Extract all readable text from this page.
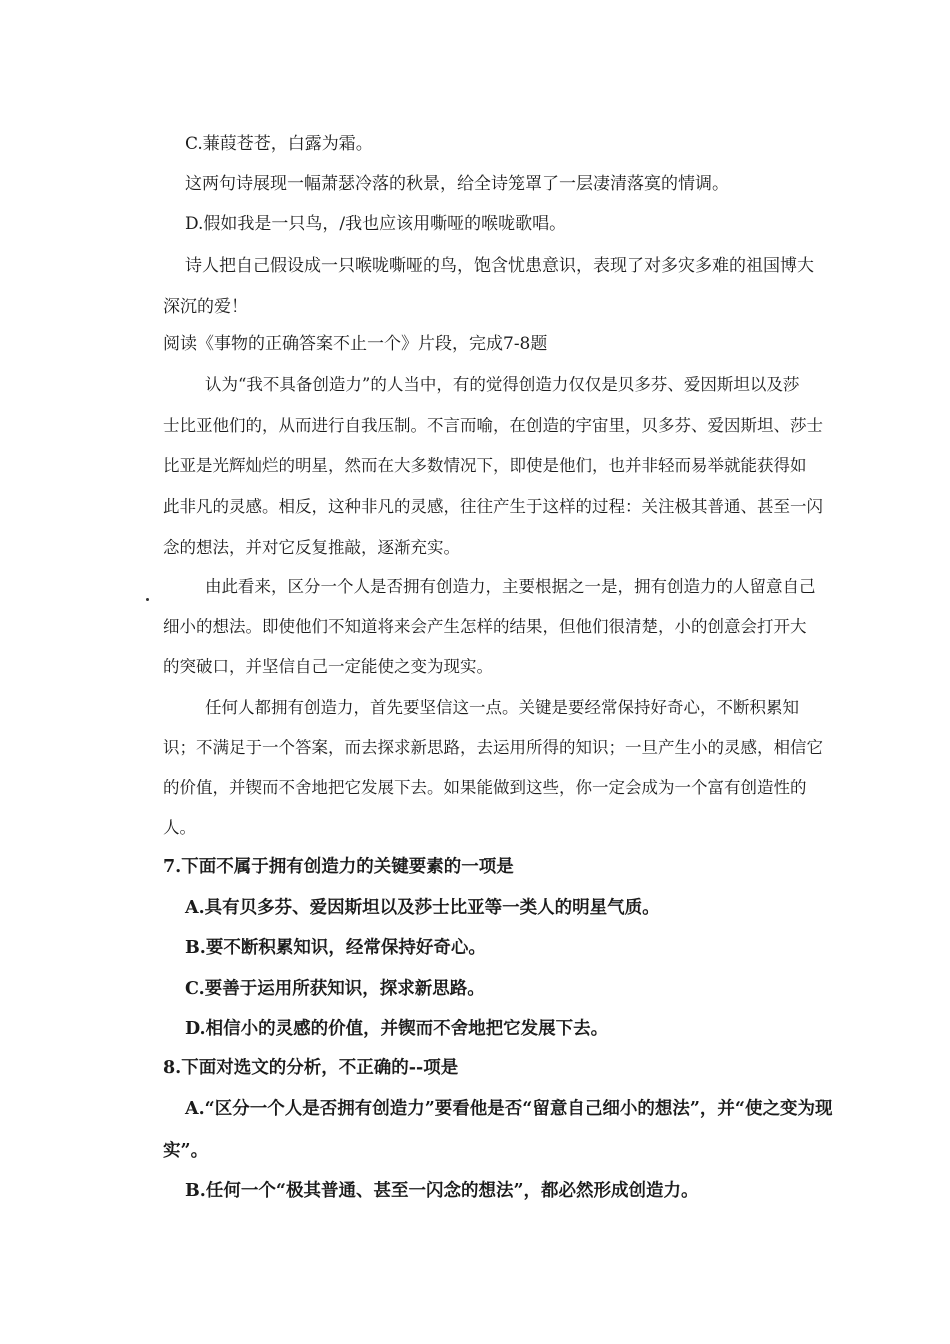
C.蒹葭苍苍，白露为霜。
这两句诗展现一幅萧瑟冷落的秋景，给全诗笼罩了一层凄清落寞的情调。
D.假如我是一只鸟，/我也应该用嘶哑的喉咙歌唱。
诗人把自己假设成一只喉咙嘶哑的鸟，饱含忧患意识，表现了对多灾多难的祖国博大
深沉的爱！
阅读《事物的正确答案不止一个》片段，完成7-8题
认为“我不具备创造力”的人当中，有的觉得创造力仅仅是贝多芬、爱因斯坦以及莎
士比亚他们的，从而进行自我压制。不言而喻，在创造的宇宙里，贝多芬、爱因斯坦、莎士
比亚是光辉灿烂的明星，然而在大多数情况下，即使是他们，也并非轻而易举就能获得如
此非凡的灵感。相反，这种非凡的灵感，往往产生于这样的过程：关注极其普通、甚至一闪
念的想法，并对它反复推敲，逐渐充实。
由此看来，区分一个人是否拥有创造力，主要根据之一是，拥有创造力的人留意自己
细小的想法。即使他们不知道将来会产生怎样的结果，但他们很清楚，小的创意会打开大
的突破口，并坚信自己一定能使之变为现实。
任何人都拥有创造力，首先要坚信这一点。关键是要经常保持好奇心，不断积累知
识；不满足于一个答案，而去探求新思路，去运用所得的知识；一旦产生小的灵感，相信它
的价值，并锲而不舍地把它发展下去。如果能做到这些，你一定会成为一个富有创造性的
人。
7.下面不属于拥有创造力的关键要素的一项是
A.具有贝多芬、爱因斯坦以及莎士比亚等一类人的明星气质。
B.要不断积累知识，经常保持好奇心。
C.要善于运用所获知识，探求新思路。
D.相信小的灵感的价值，并锲而不舍地把它发展下去。
8.下面对选文的分析，不正确的--项是
A.“区分一个人是否拥有创造力”要看他是否“留意自己细小的想法”，并“使之变为现
实”。
B.任何一个“极其普通、甚至一闪念的想法”，都必然形成创造力。
